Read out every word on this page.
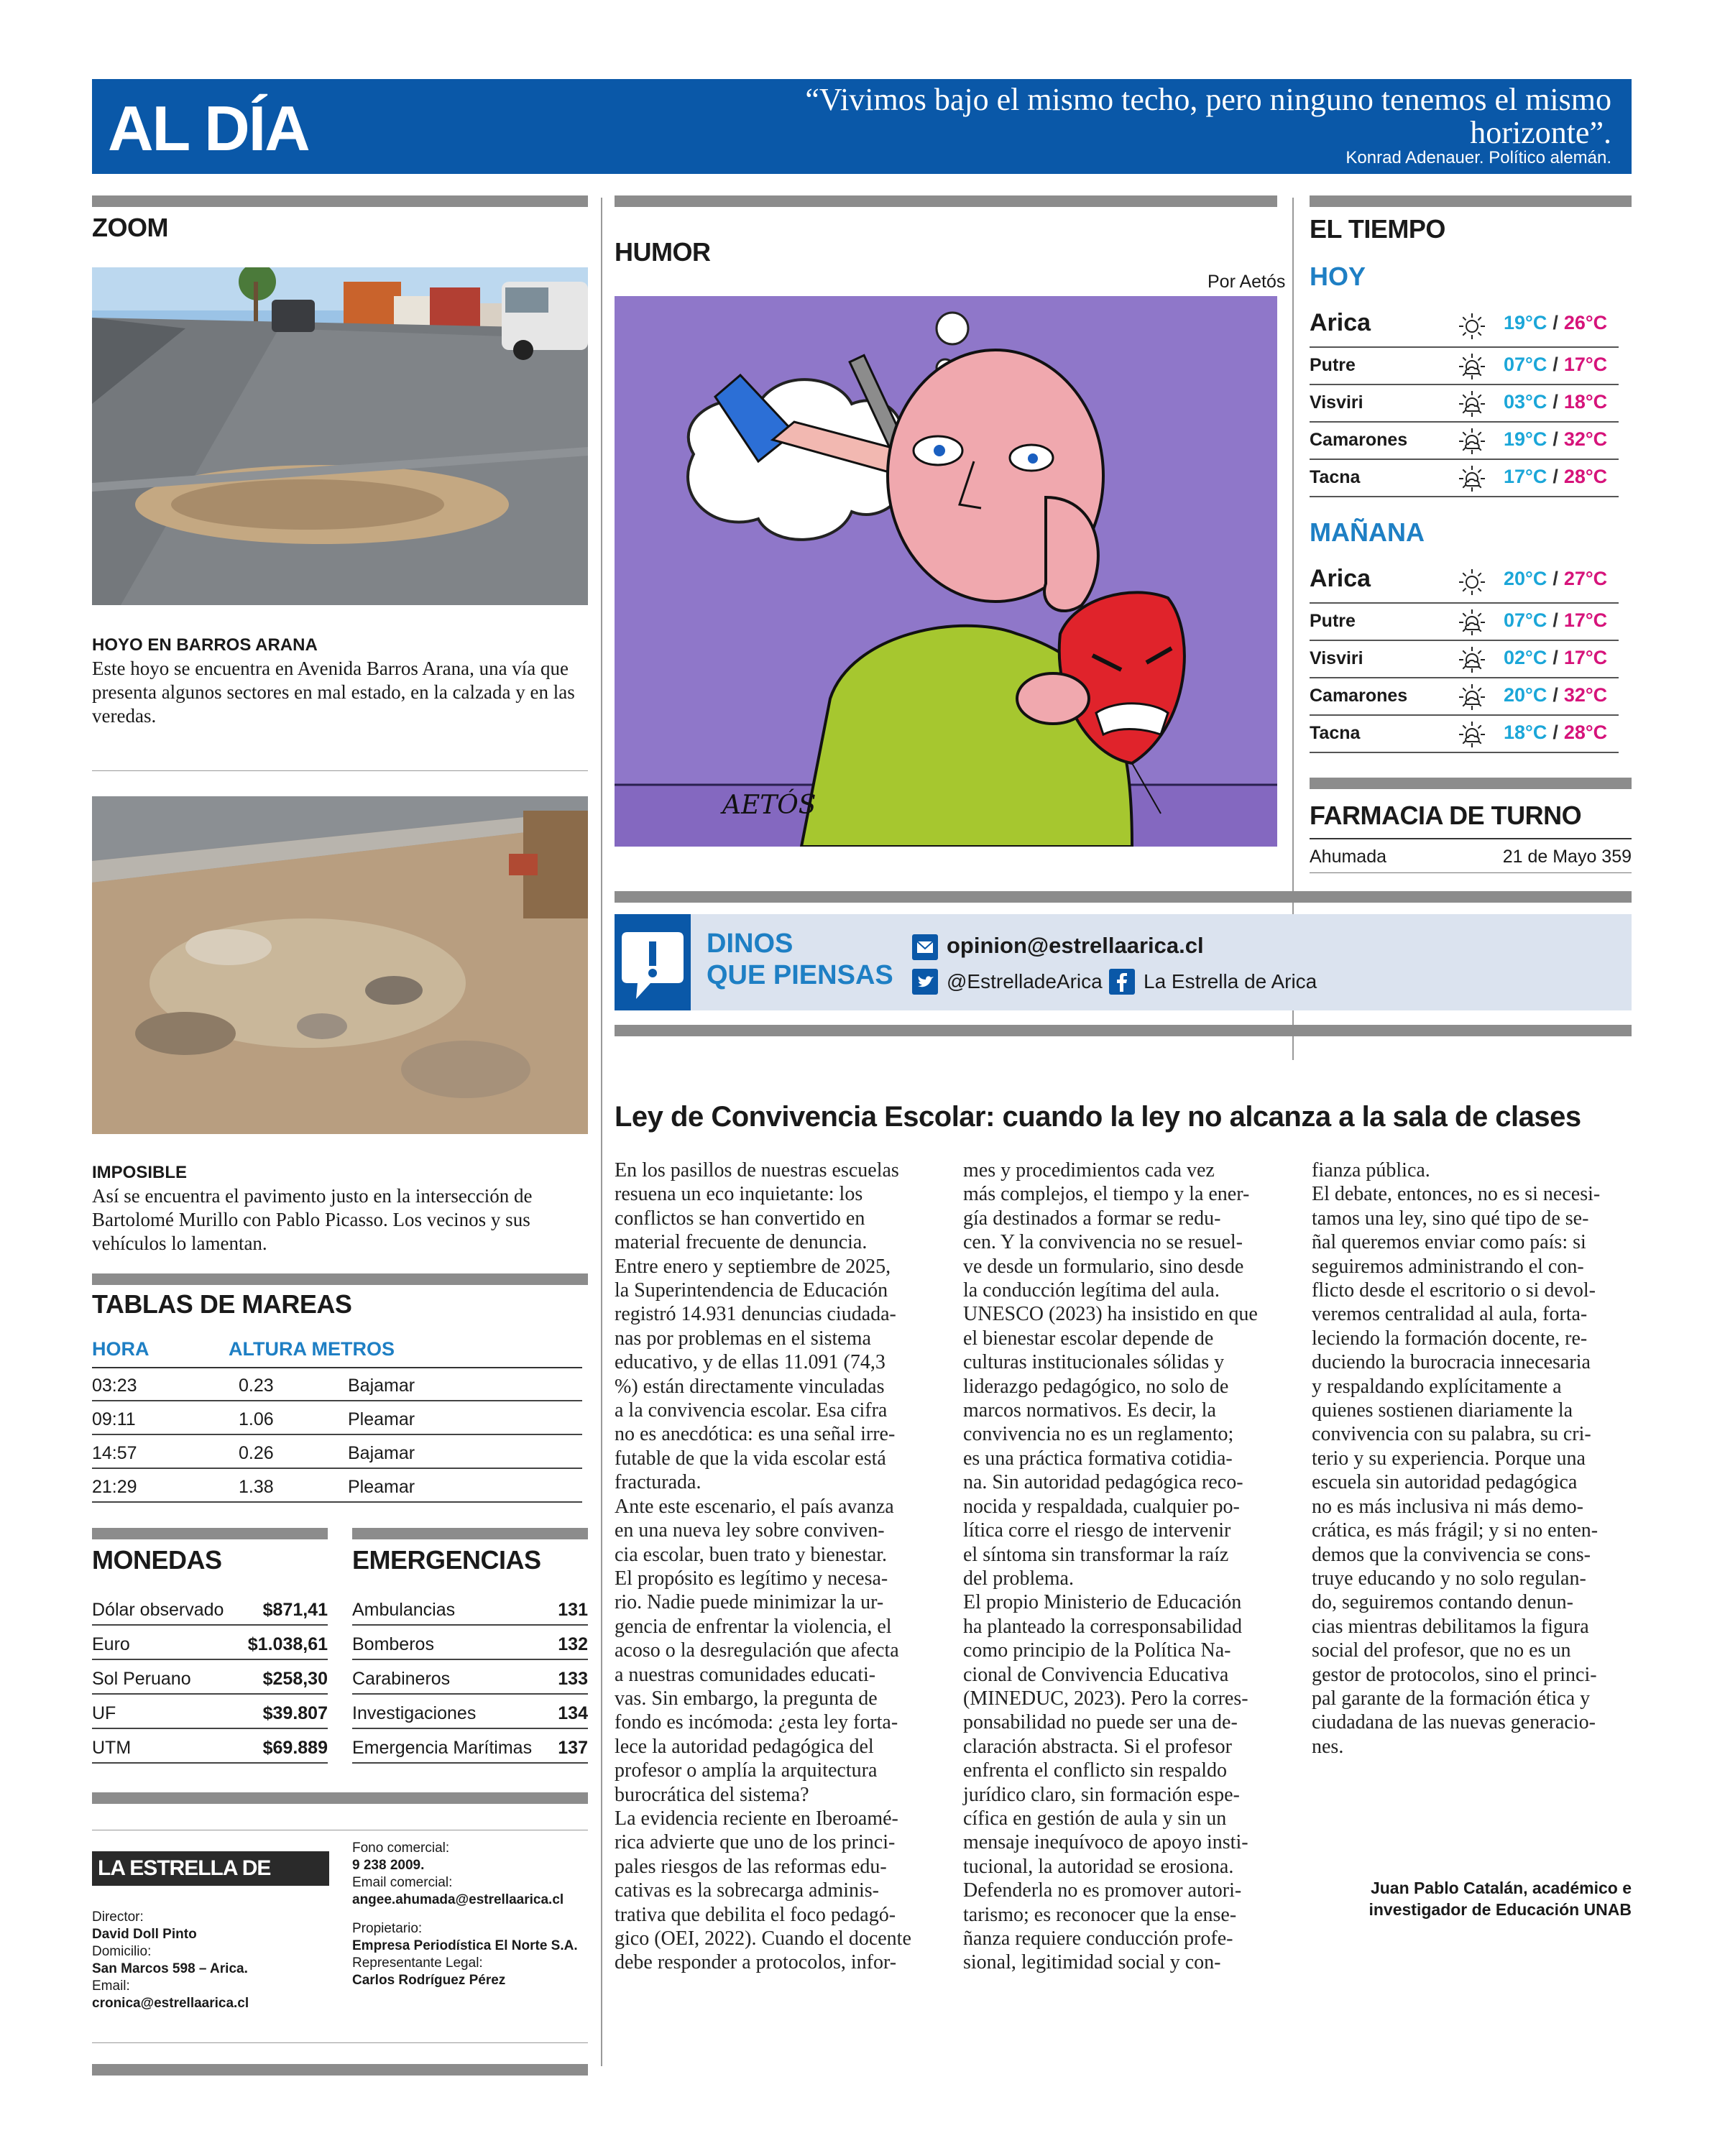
AL DÍA	“Vivimos bajo el mismo techo, pero ninguno tenemos el mismo horizonte”.
Konrad Adenauer. Político alemán.
ZOOM
HOYO EN BARROS ARANA
Este hoyo se encuentra en Avenida Barros Arana, una vía que presenta algunos sectores en mal estado, en la calzada y en las veredas.
IMPOSIBLE
Así se encuentra el pavimento justo en la intersección de Bartolomé Murillo con Pablo Picasso. Los vecinos y sus vehículos lo lamentan.
TABLAS DE MAREAS
HORA	ALTURA METROS
03:23	0.23	Bajamar
09:11	1.06	Pleamar
14:57	0.26	Bajamar
21:29	1.38	Pleamar
MONEDAS	EMERGENCIAS
Dólar observado $871,41
Euro	$1.038,61
Sol Peruano	$258,30
UF	$39.807
UTM	$69.889
Ambulancias	131
Bomberos	132
Carabineros	133
Investigaciones	134
Emergencia Marítimas 137
LA ESTRELLA DE ARICA
Director:
David Doll Pinto
Domicilio:
San Marcos 598 – Arica.
Email:
cronica@estrellaarica.cl
Fono comercial:
9 238 2009.
Email comercial:
angee.ahumada@estrellaarica.cl
Propietario:
Empresa Periodística El Norte S.A.
Representante Legal:
Carlos Rodríguez Pérez
HUMOR
Por Aetós
AETÓS
EL TIEMPO
HOY
Arica	19°C / 26°C
Putre	07°C / 17°C
Visviri	03°C / 18°C
Camarones	19°C / 32°C
Tacna	17°C / 28°C
MAÑANA
Arica	20°C / 27°C
Putre	07°C / 17°C
Visviri	02°C / 17°C
Camarones	20°C / 32°C
Tacna	18°C / 28°C
FARMACIA DE TURNO
Ahumada	21 de Mayo 359
DINOS
QUE PIENSAS
opinion@estrellaarica.cl
@EstrelladeArica La Estrella de Arica
Ley de Convivencia Escolar: cuando la ley no alcanza a la sala de clases
En los pasillos de nuestras escuelas
resuena un eco inquietante: los
conflictos se han convertido en
material frecuente de denuncia.
Entre enero y septiembre de 2025,
la Superintendencia de Educación
registró 14.931 denuncias ciudada-
nas por problemas en el sistema
educativo, y de ellas 11.091 (74,3
%) están directamente vinculadas
a la convivencia escolar. Esa cifra
no es anecdótica: es una señal irre-
futable de que la vida escolar está
fracturada.
Ante este escenario, el país avanza
en una nueva ley sobre conviven-
cia escolar, buen trato y bienestar.
El propósito es legítimo y necesa-
rio. Nadie puede minimizar la ur-
gencia de enfrentar la violencia, el
acoso o la desregulación que afecta
a nuestras comunidades educati-
vas. Sin embargo, la pregunta de
fondo es incómoda: ¿esta ley forta-
lece la autoridad pedagógica del
profesor o amplía la arquitectura
burocrática del sistema?
La evidencia reciente en Iberoamé-
rica advierte que uno de los princi-
pales riesgos de las reformas edu-
cativas es la sobrecarga adminis-
trativa que debilita el foco pedagó-
gico (OEI, 2022). Cuando el docente
debe responder a protocolos, infor-
mes y procedimientos cada vez
más complejos, el tiempo y la ener-
gía destinados a formar se redu-
cen. Y la convivencia no se resuel-
ve desde un formulario, sino desde
la conducción legítima del aula.
UNESCO (2023) ha insistido en que
el bienestar escolar depende de
culturas institucionales sólidas y
liderazgo pedagógico, no solo de
marcos normativos. Es decir, la
convivencia no es un reglamento;
es una práctica formativa cotidia-
na. Sin autoridad pedagógica reco-
nocida y respaldada, cualquier po-
lítica corre el riesgo de intervenir
el síntoma sin transformar la raíz
del problema.
El propio Ministerio de Educación
ha planteado la corresponsabilidad
como principio de la Política Na-
cional de Convivencia Educativa
(MINEDUC, 2023). Pero la corres-
ponsabilidad no puede ser una de-
claración abstracta. Si el profesor
enfrenta el conflicto sin respaldo
jurídico claro, sin formación espe-
cífica en gestión de aula y sin un
mensaje inequívoco de apoyo insti-
tucional, la autoridad se erosiona.
Defenderla no es promover autori-
tarismo; es reconocer que la ense-
ñanza requiere conducción profe-
sional, legitimidad social y con-
fianza pública.
El debate, entonces, no es si necesi-
tamos una ley, sino qué tipo de se-
ñal queremos enviar como país: si
seguiremos administrando el con-
flicto desde el escritorio o si devol-
veremos centralidad al aula, forta-
leciendo la formación docente, re-
duciendo la burocracia innecesaria
y respaldando explícitamente a
quienes sostienen diariamente la
convivencia con su palabra, su cri-
terio y su experiencia. Porque una
escuela sin autoridad pedagógica
no es más inclusiva ni más demo-
crática, es más frágil; y si no enten-
demos que la convivencia se cons-
truye educando y no solo regulan-
do, seguiremos contando denun-
cias mientras debilitamos la figura
social del profesor, que no es un
gestor de protocolos, sino el princi-
pal garante de la formación ética y
ciudadana de las nuevas generacio-
nes.
Juan Pablo Catalán, académico e
investigador de Educación UNAB
